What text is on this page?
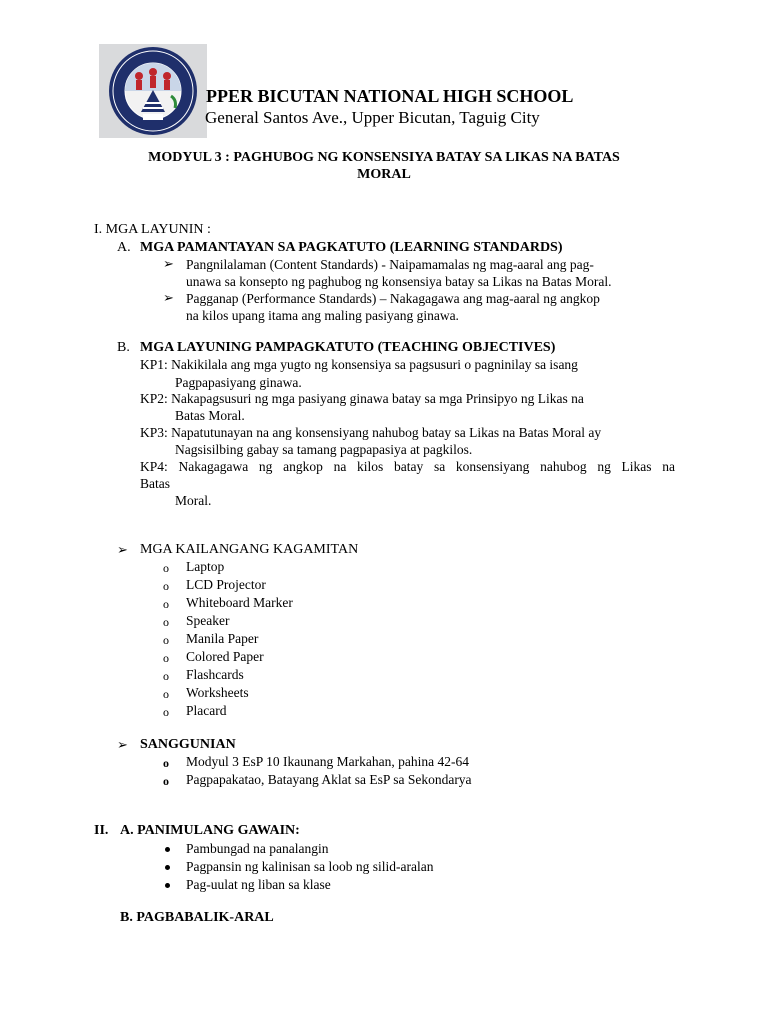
PPER BICUTAN NATIONAL HIGH SCHOOL
General Santos Ave., Upper Bicutan, Taguig City
MODYUL 3 : PAGHUBOG NG KONSENSIYA BATAY SA LIKAS NA BATAS
MORAL
I. MGA LAYUNIN :
A. MGA PAMANTAYAN SA PAGKATUTO (LEARNING STANDARDS)
➢ Pangnilalaman (Content Standards) - Naipamamalas ng mag-aaral ang pag-
unawa sa konsepto ng paghubog ng konsensiya batay sa Likas na Batas Moral.
➢ Pagganap (Performance Standards) – Nakagagawa ang mag-aaral ng angkop
na kilos upang itama ang maling pasiyang ginawa.
B. MGA LAYUNING PAMPAGKATUTO (TEACHING OBJECTIVES)
KP1: Nakikilala ang mga yugto ng konsensiya sa pagsusuri o pagninilay sa isang
Pagpapasiyang ginawa.
KP2: Nakapagsusuri ng mga pasiyang ginawa batay sa mga Prinsipyo ng Likas na
Batas Moral.
KP3: Napatutunayan na ang konsensiyang nahubog batay sa Likas na Batas Moral ay
Nagsisilbing gabay sa tamang pagpapasiya at pagkilos.
KP4: Nakagagawa ng angkop na kilos batay sa konsensiyang nahubog ng Likas na
Batas
Moral.
➢ MGA KAILANGANG KAGAMITAN
o Laptop
o LCD Projector
o Whiteboard Marker
o Speaker
o Manila Paper
o Colored Paper
o Flashcards
o Worksheets
o Placard
➢ SANGGUNIAN
o Modyul 3 EsP 10 Ikaunang Markahan, pahina 42-64
o Pagpapakatao, Batayang Aklat sa EsP sa Sekondarya
II. A. PANIMULANG GAWAIN:
Pambungad na panalangin
Pagpansin ng kalinisan sa loob ng silid-aralan
Pag-uulat ng liban sa klase
B. PAGBABALIK-ARAL
